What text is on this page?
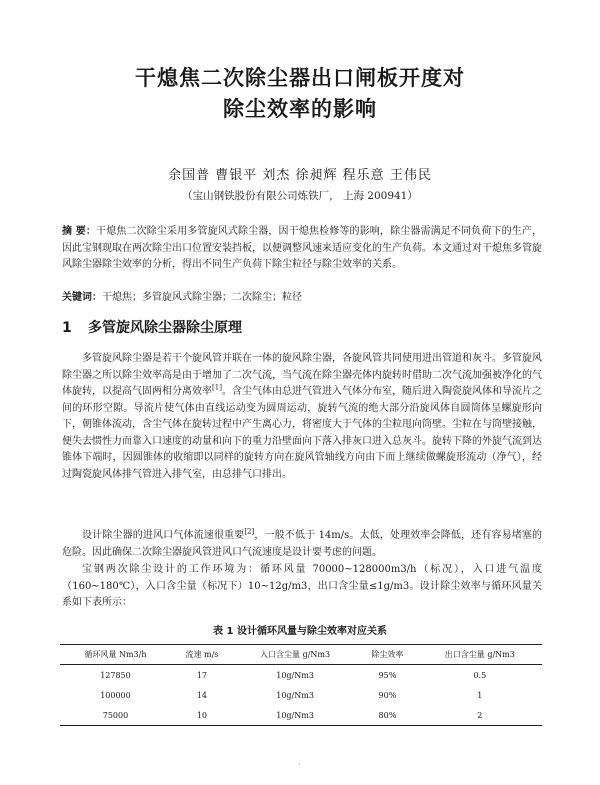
干熄焦二次除尘器出口闸板开度对
除尘效率的影响
余国普 曹银平 刘杰 徐昶辉 程乐意 王伟民
（宝山钢铁股份有限公司炼铁厂， 上海 200941）
摘 要：干熄焦二次除尘采用多管旋风式除尘器，因干熄焦检修等的影响，除尘器需满足不同负荷下的生产，因此宝钢现取在两次除尘出口位置安装挡板，以便调整风速来适应变化的生产负荷。本文通过对干熄焦多管旋风除尘器除尘效率的分析，得出不同生产负荷下除尘粒径与除尘效率的关系。
关键词：干熄焦；多管旋风式除尘器；二次除尘；粒径
1 多管旋风除尘器除尘原理
多管旋风除尘器是若干个旋风管并联在一体的旋风除尘器，各旋风管共同使用进出管道和灰斗。多管旋风除尘器之所以除尘效率高是由于增加了二次气流，当气流在除尘器壳体内旋转时借助二次气流加强被净化的气体旋转，以提高气固两相分离效率[1]。含尘气体由总进气管进入气体分布室，随后进入陶瓷旋风体和导流片之间的环形空隙。导流片使气体由直线运动变为圆周运动，旋转气流的绝大部分沿旋风体自圆筒体呈螺旋形向下，朝锥体流动，含尘气体在旋转过程中产生离心力，将密度大于气体的尘粒甩向筒壁。尘粒在与筒壁接触，便失去惯性力而靠入口速度的动量和向下的重力沿壁面向下落入排灰口进入总灰斗。旋转下降的外旋气流到达锥体下端时，因圆锥体的收缩即以同样的旋转方向在旋风管轴线方向由下而上继续做螺旋形流动（净气），经过陶瓷旋风体排气管进入排气室，由总排气口排出。
设计除尘器的进风口气体流速很重要[2]，一般不低于 14m/s。太低，处理效率会降低，还有容易堵塞的危险。因此确保二次除尘器旋风管进风口气流速度是设计要考虑的问题。
宝钢两次除尘设计的工作环境为：循环风量 70000~128000m3/h（标况），入口进气温度（160~180℃），入口含尘量（标况下）10~12g/m3，出口含尘量≤1g/m3。设计除尘效率与循环风量关系如下表所示：
表 1 设计循环风量与除尘效率对应关系
循环风量 Nm3/h	流速 m/s	入口含尘量 g/Nm3	除尘效率	出口含尘量 g/Nm3
127850	17	10g/Nm3	95%	0.5
100000	14	10g/Nm3	90%	1
75000	10	10g/Nm3	80%	2
·
